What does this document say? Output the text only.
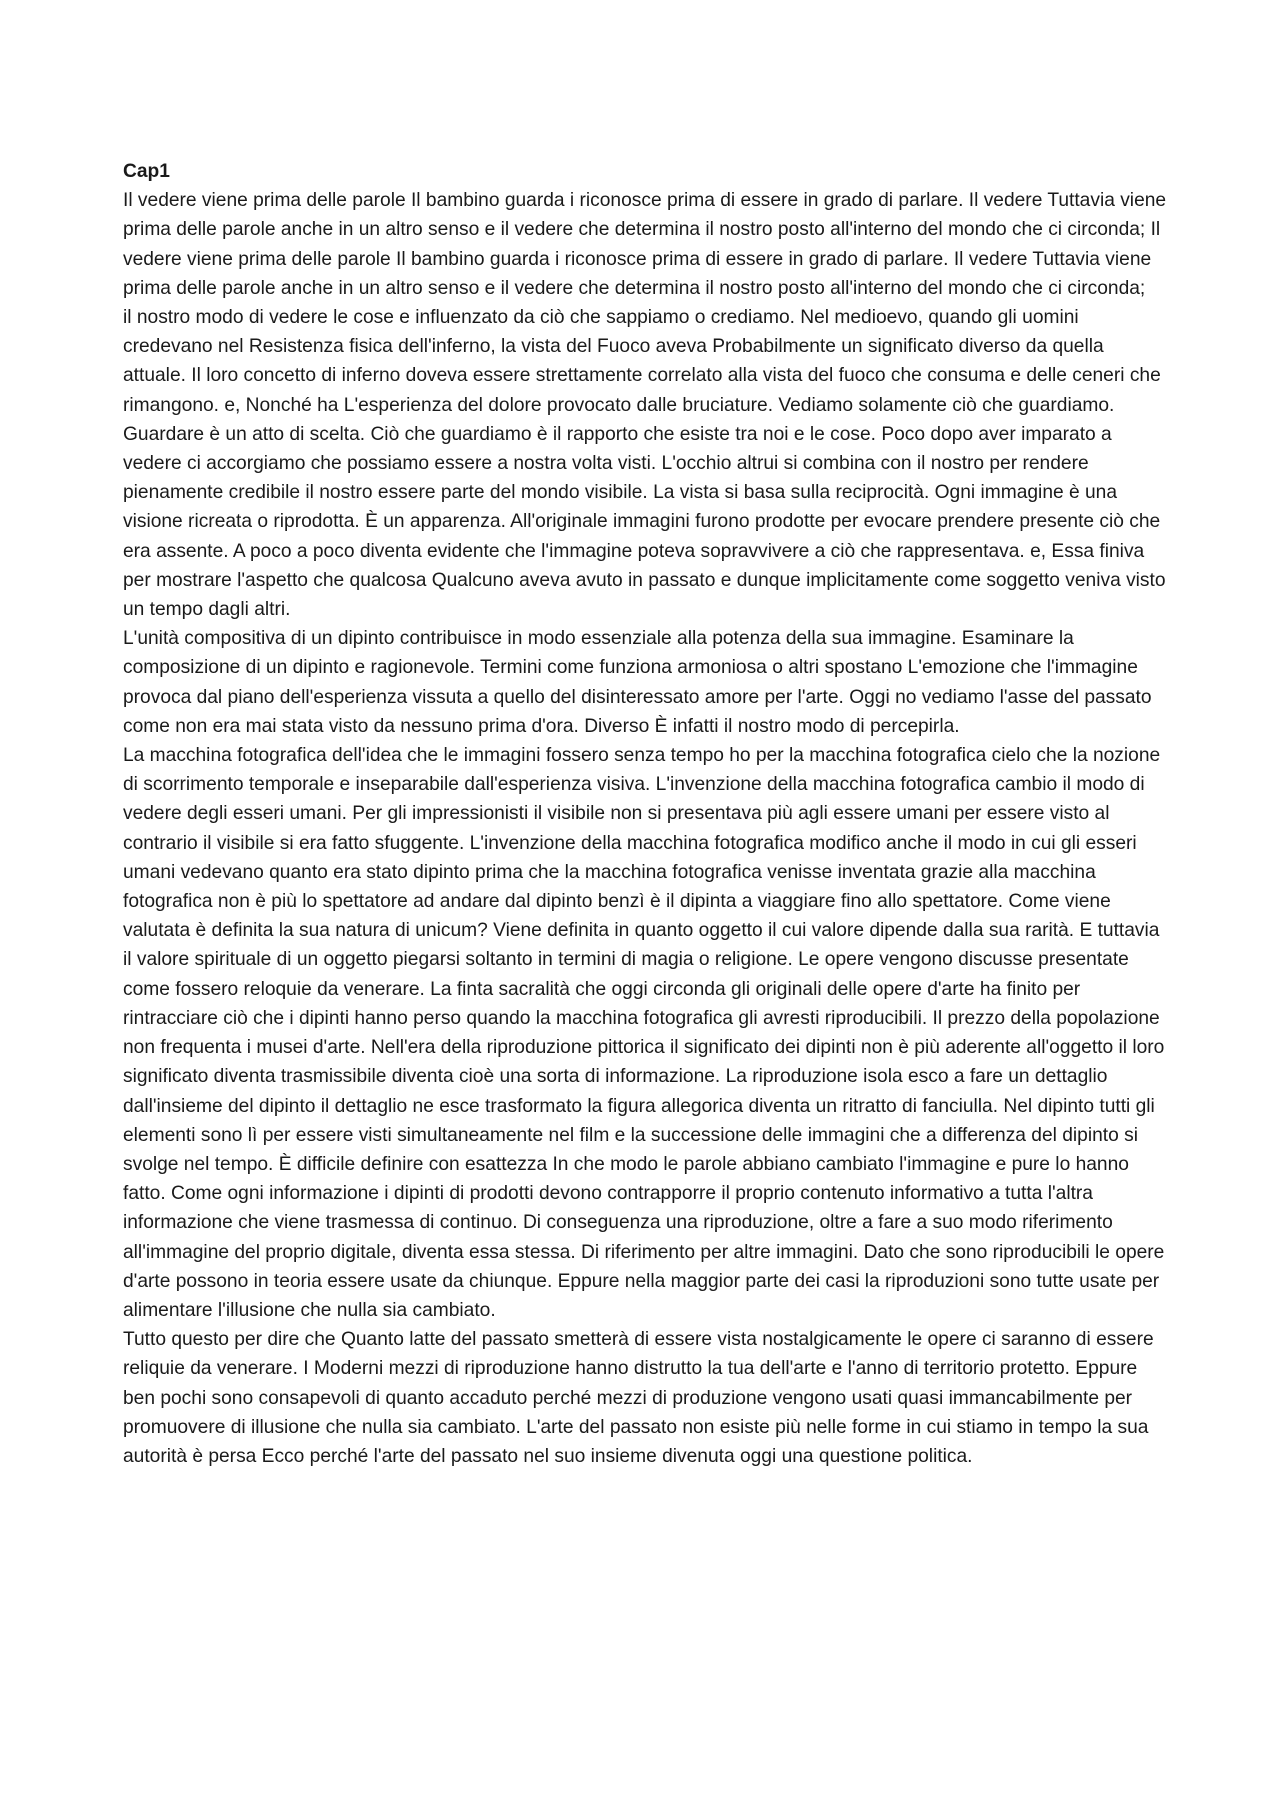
Cap1

Il vedere viene prima delle parole Il bambino guarda i riconosce prima di essere in grado di parlare. Il vedere Tuttavia viene prima delle parole anche in un altro senso e il vedere che determina il nostro posto all'interno del mondo che ci circonda; Il vedere viene prima delle parole Il bambino guarda i riconosce prima di essere in grado di parlare. Il vedere Tuttavia viene prima delle parole anche in un altro senso e il vedere che determina il nostro posto all'interno del mondo che ci circonda;

il nostro modo di vedere le cose e influenzato da ciò che sappiamo o crediamo. Nel medioevo, quando gli uomini credevano nel Resistenza fisica dell'inferno, la vista del Fuoco aveva Probabilmente un significato diverso da quella attuale. Il loro concetto di inferno doveva essere strettamente correlato alla vista del fuoco che consuma e delle ceneri che rimangono. e, Nonché ha L'esperienza del dolore provocato dalle bruciature. Vediamo solamente ciò che guardiamo. Guardare è un atto di scelta. Ciò che guardiamo è il rapporto che esiste tra noi e le cose. Poco dopo aver imparato a vedere ci accorgiamo che possiamo essere a nostra volta visti. L'occhio altrui si combina con il nostro per rendere pienamente credibile il nostro essere parte del mondo visibile. La vista si basa sulla reciprocità. Ogni immagine è una visione ricreata o riprodotta. È un apparenza. All'originale immagini furono prodotte per evocare prendere presente ciò che era assente. A poco a poco diventa evidente che l'immagine poteva sopravvivere a ciò che rappresentava. e, Essa finiva per mostrare l'aspetto che qualcosa Qualcuno aveva avuto in passato e dunque implicitamente come soggetto veniva visto un tempo dagli altri.

L'unità compositiva di un dipinto contribuisce in modo essenziale alla potenza della sua immagine. Esaminare la composizione di un dipinto e ragionevole. Termini come funziona armoniosa o altri spostano L'emozione che l'immagine provoca dal piano dell'esperienza vissuta a quello del disinteressato amore per l'arte. Oggi no vediamo l'asse del passato come non era mai stata visto da nessuno prima d'ora. Diverso È infatti il nostro modo di percepirla.

La macchina fotografica dell'idea che le immagini fossero senza tempo ho per la macchina fotografica cielo che la nozione di scorrimento temporale e inseparabile dall'esperienza visiva. L'invenzione della macchina fotografica cambio il modo di vedere degli esseri umani. Per gli impressionisti il visibile non si presentava più agli essere umani per essere visto al contrario il visibile si era fatto sfuggente. L'invenzione della macchina fotografica modifico anche il modo in cui gli esseri umani vedevano quanto era stato dipinto prima che la macchina fotografica venisse inventata grazie alla macchina fotografica non è più lo spettatore ad andare dal dipinto benzì è il dipinta a viaggiare fino allo spettatore. Come viene valutata è definita la sua natura di unicum? Viene definita in quanto oggetto il cui valore dipende dalla sua rarità. E tuttavia il valore spirituale di un oggetto piegarsi soltanto in termini di magia o religione. Le opere vengono discusse presentate come fossero reloquie da venerare. La finta sacralità che oggi circonda gli originali delle opere d'arte ha finito per rintracciare ciò che i dipinti hanno perso quando la macchina fotografica gli avresti riproducibili. Il prezzo della popolazione non frequenta i musei d'arte. Nell'era della riproduzione pittorica il significato dei dipinti non è più aderente all'oggetto il loro significato diventa trasmissibile diventa cioè una sorta di informazione. La riproduzione isola esco a fare un dettaglio dall'insieme del dipinto il dettaglio ne esce trasformato la figura allegorica diventa un ritratto di fanciulla. Nel dipinto tutti gli elementi sono lì per essere visti simultaneamente nel film e la successione delle immagini che a differenza del dipinto si svolge nel tempo. È difficile definire con esattezza In che modo le parole abbiano cambiato l'immagine e pure lo hanno fatto. Come ogni informazione i dipinti di prodotti devono contrapporre il proprio contenuto informativo a tutta l'altra informazione che viene trasmessa di continuo. Di conseguenza una riproduzione, oltre a fare a suo modo riferimento all'immagine del proprio digitale, diventa essa stessa. Di riferimento per altre immagini. Dato che sono riproducibili le opere d'arte possono in teoria essere usate da chiunque. Eppure nella maggior parte dei casi la riproduzioni sono tutte usate per alimentare l'illusione che nulla sia cambiato.

Tutto questo per dire che Quanto latte del passato smetterà di essere vista nostalgicamente le opere ci saranno di essere reliquie da venerare. I Moderni mezzi di riproduzione hanno distrutto la tua dell'arte e l'anno di territorio protetto. Eppure ben pochi sono consapevoli di quanto accaduto perché mezzi di produzione vengono usati quasi immancabilmente per promuovere di illusione che nulla sia cambiato. L'arte del passato non esiste più nelle forme in cui stiamo in tempo la sua autorità è persa Ecco perché l'arte del passato nel suo insieme divenuta oggi una questione politica.
